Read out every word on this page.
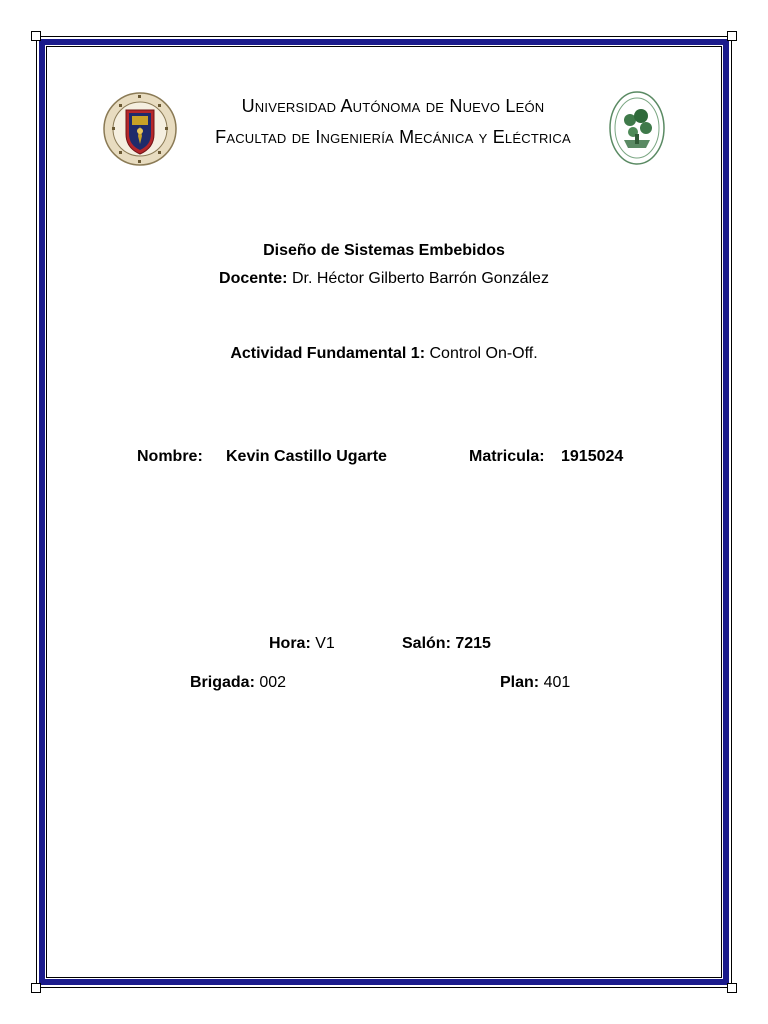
Universidad Autónoma de Nuevo León
Facultad de Ingeniería Mecánica y Eléctrica
Diseño de Sistemas Embebidos
Docente: Dr. Héctor Gilberto Barrón González
Actividad Fundamental 1: Control On-Off.
Nombre: Kevin Castillo Ugarte	Matricula: 1915024
Hora: V1	Salón: 7215
Brigada: 002	Plan: 401
